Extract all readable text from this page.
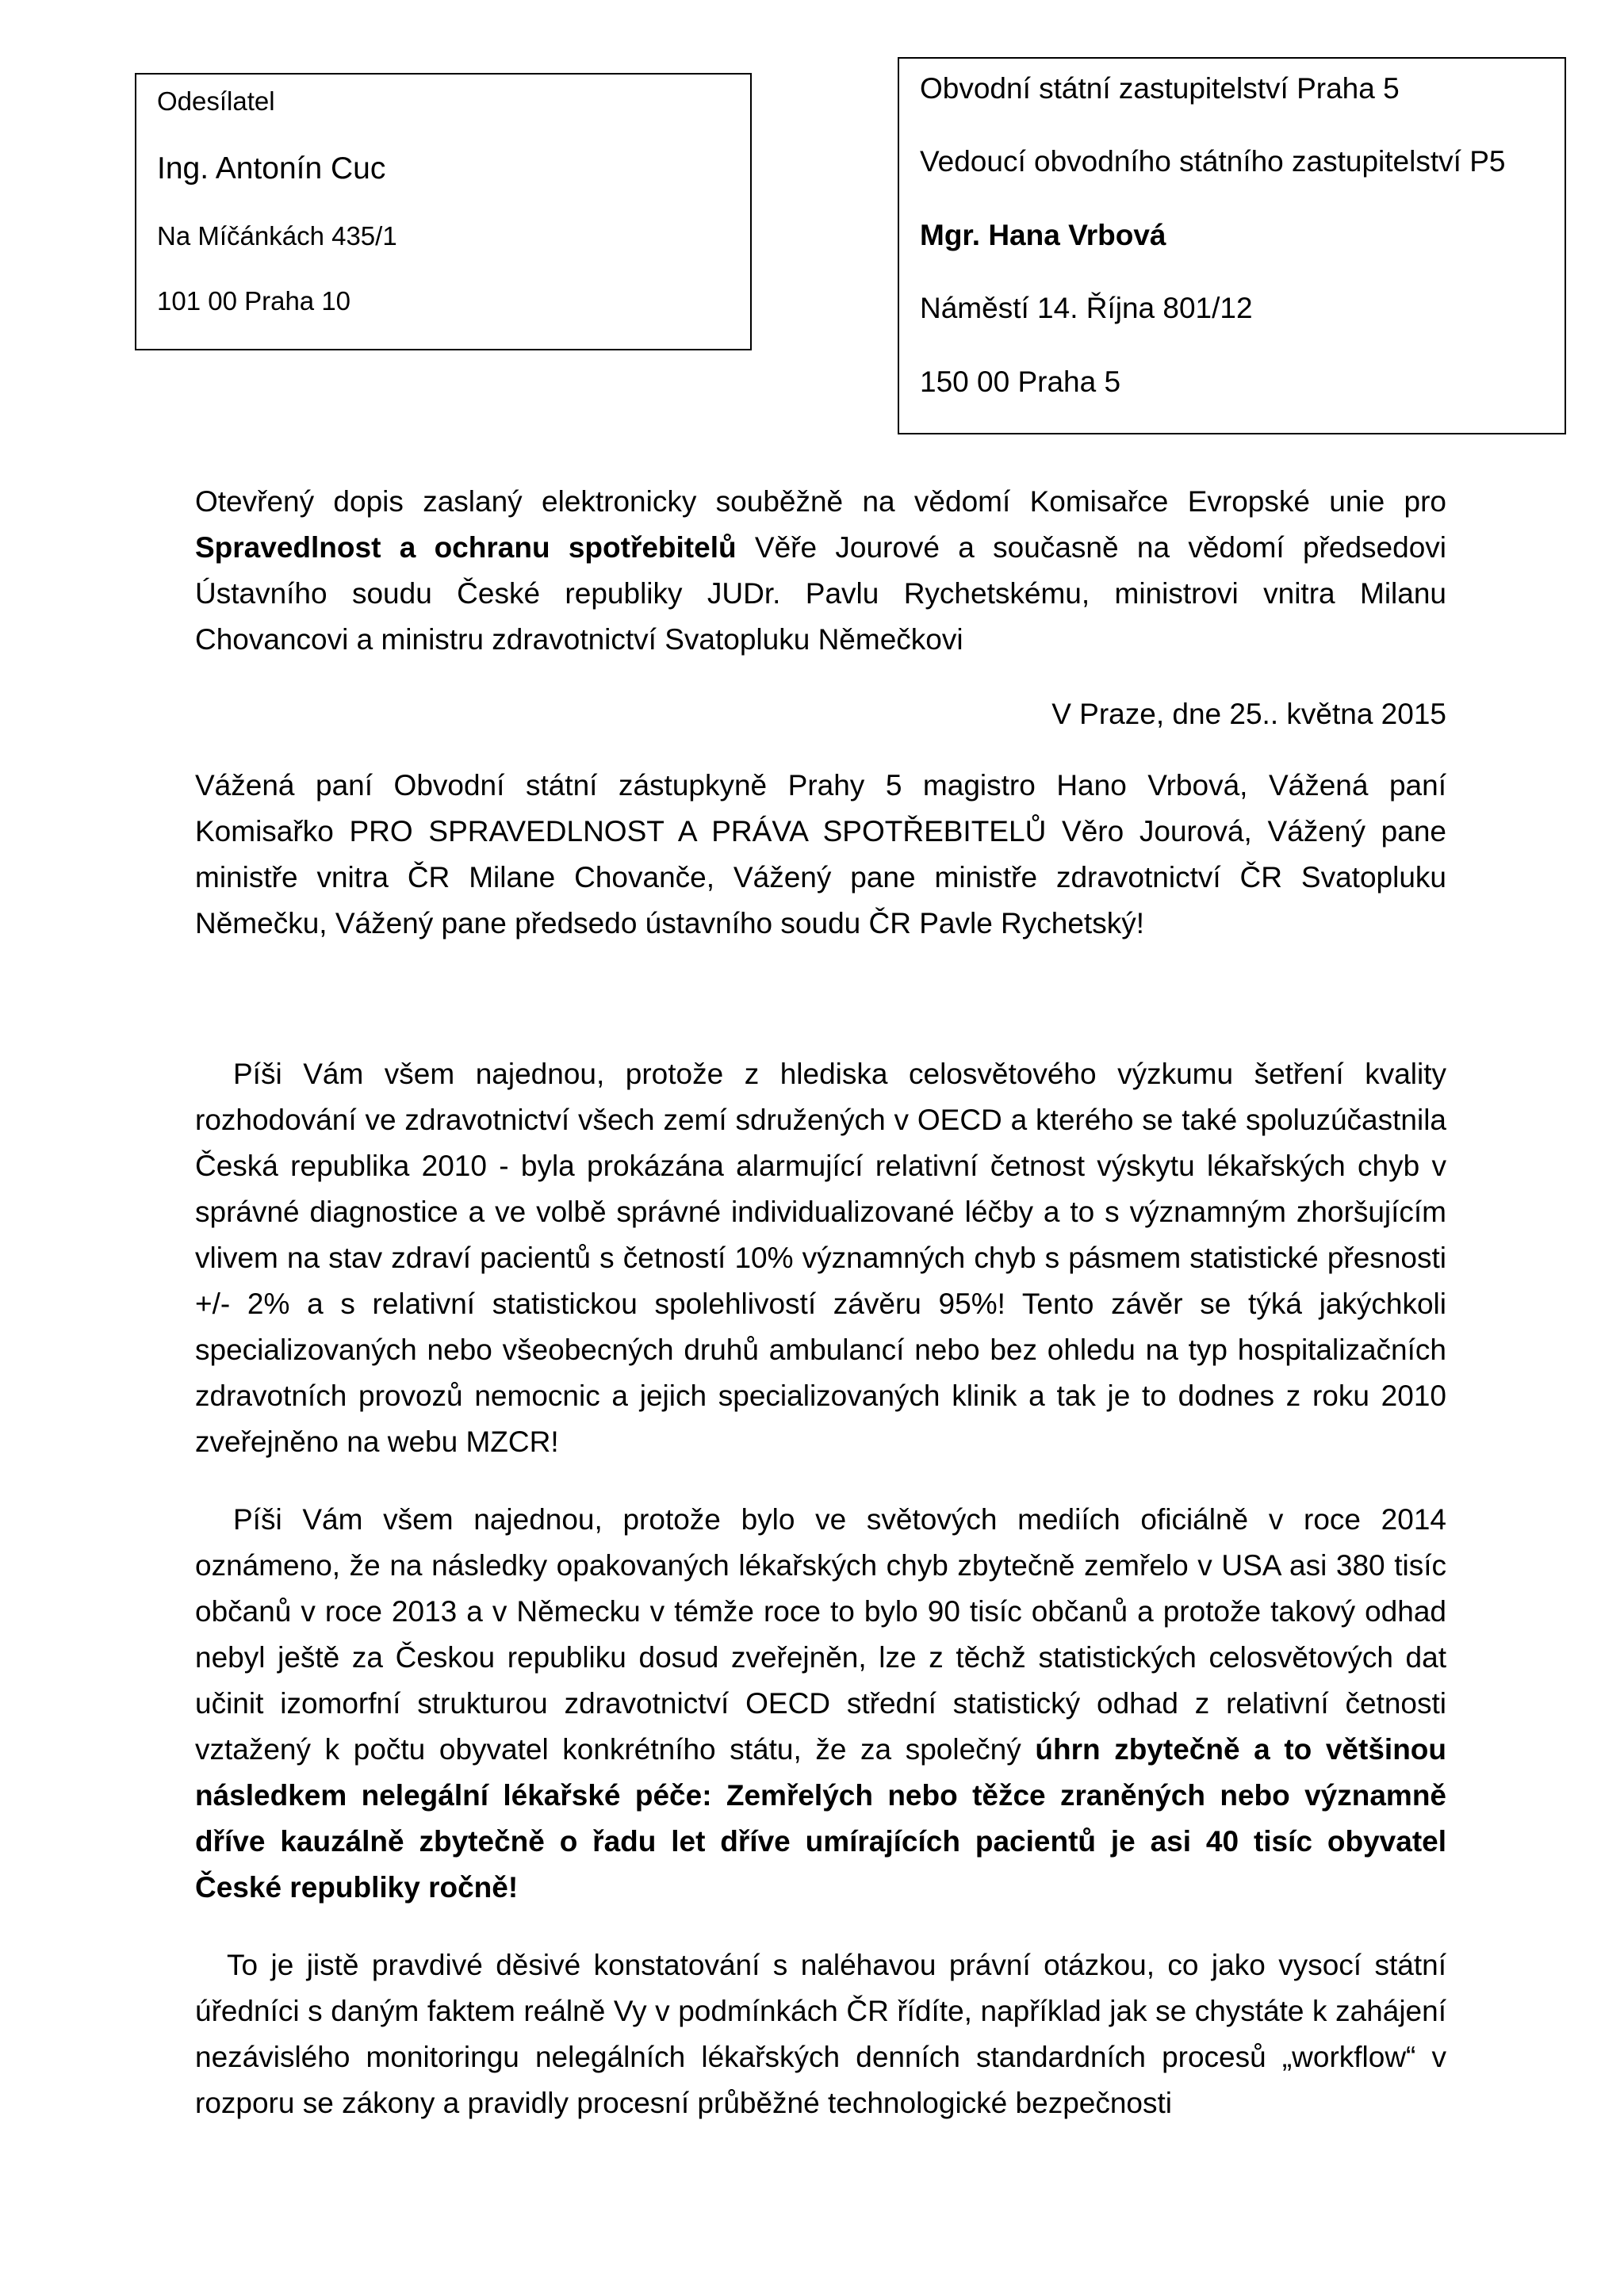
Odesílatel
Ing. Antonín Cuc
Na Míčánkách 435/1
101 00 Praha 10
Obvodní státní zastupitelství Praha 5
Vedoucí obvodního státního zastupitelství P5
Mgr. Hana Vrbová
Náměstí 14. Října 801/12
150 00 Praha 5

Otevřený dopis zaslaný elektronicky souběžně na vědomí Komisařce Evropské unie pro Spravedlnost a ochranu spotřebitelů Věře Jourové a současně na vědomí předsedovi Ústavního soudu České republiky JUDr. Pavlu Rychetskému, ministrovi vnitra Milanu Chovancovi a ministru zdravotnictví Svatopluku Němečkovi

V Praze, dne 25.. května 2015

Vážená paní Obvodní státní zástupkyně Prahy 5 magistro Hano Vrbová, Vážená paní Komisařko PRO SPRAVEDLNOST A PRÁVA SPOTŘEBITELŮ Věro Jourová, Vážený pane ministře vnitra ČR Milane Chovanče, Vážený pane ministře zdravotnictví ČR Svatopluku Němečku, Vážený pane předsedo ústavního soudu ČR Pavle Rychetský!

Píši Vám všem najednou, protože z hlediska celosvětového výzkumu šetření kvality rozhodování ve zdravotnictví všech zemí sdružených v OECD a kterého se také spoluzúčastnila Česká republika 2010 - byla prokázána alarmující relativní četnost výskytu lékařských chyb v správné diagnostice a ve volbě správné individualizované léčby a to s významným zhoršujícím vlivem na stav zdraví pacientů s četností 10% významných chyb s pásmem statistické přesnosti +/- 2% a s relativní statistickou spolehlivostí závěru 95%! Tento závěr se týká jakýchkoli specializovaných nebo všeobecných druhů ambulancí nebo bez ohledu na typ hospitalizačních zdravotních provozů nemocnic a jejich specializovaných klinik a tak je to dodnes z roku 2010 zveřejněno na webu MZCR!

Píši Vám všem najednou, protože bylo ve světových mediích oficiálně v roce 2014 oznámeno, že na následky opakovaných lékařských chyb zbytečně zemřelo v USA asi 380 tisíc občanů v roce 2013 a v Německu v témže roce to bylo 90 tisíc občanů a protože takový odhad nebyl ještě za Českou republiku dosud zveřejněn, lze z těchž statistických celosvětových dat učinit izomorfní strukturou zdravotnictví OECD střední statistický odhad z relativní četnosti vztažený k počtu obyvatel konkrétního státu, že za společný úhrn zbytečně a to většinou následkem nelegální lékařské péče: Zemřelých nebo těžce zraněných nebo významně dříve kauzálně zbytečně o řadu let dříve umírajících pacientů je asi 40 tisíc obyvatel České republiky ročně!

To je jistě pravdivé děsivé konstatování s naléhavou právní otázkou, co jako vysocí státní úředníci s daným faktem reálně Vy v podmínkách ČR řídíte, například jak se chystáte k zahájení nezávislého monitoringu nelegálních lékařských denních standardních procesů „workflow“ v rozporu se zákony a pravidly procesní průběžné technologické bezpečnosti
